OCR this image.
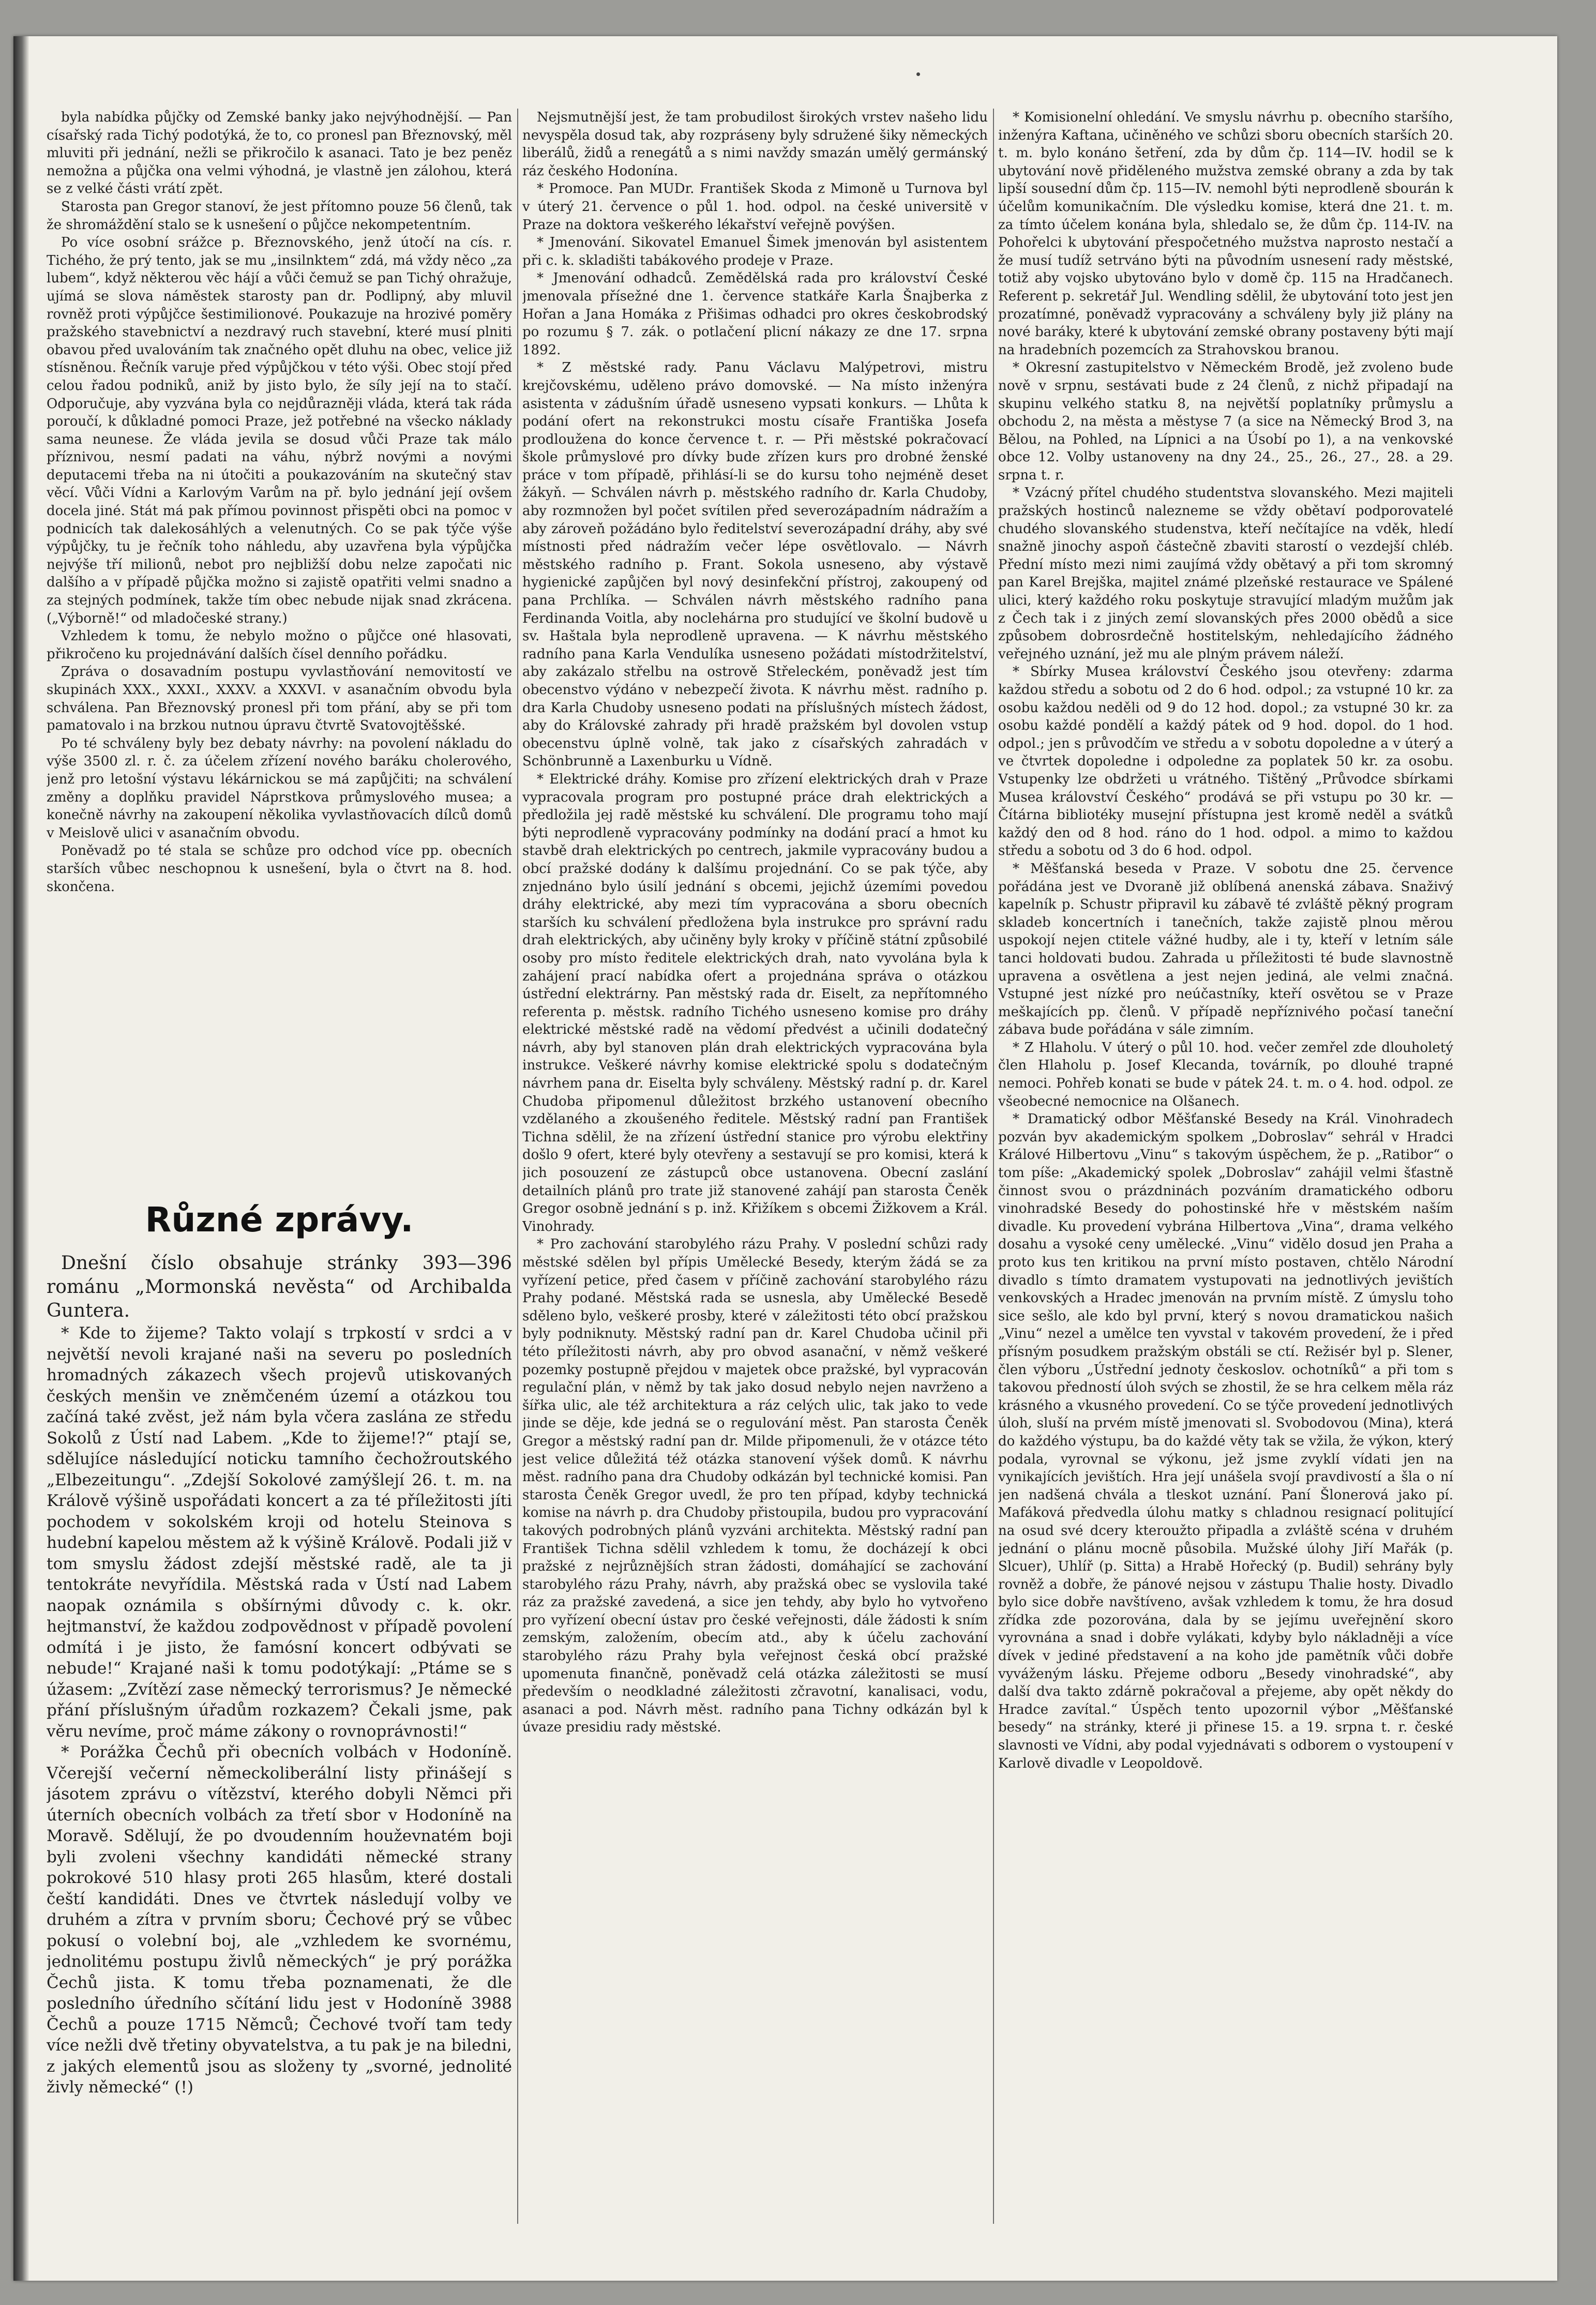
byla nabídka půjčky od Zemské banky jako nejvýhodnější. — Pan císařský rada Tichý podotýká, že to, co pronesl pan Březnovský, měl mluviti při jednání, nežli se přikročilo k asanaci. Tato je bez peněz nemožna a půjčka ona velmi výhodná, je vlastně jen zálohou, která se z velké části vrátí zpět.

Starosta pan Gregor stanoví, že jest přítomno pouze 56 členů, tak že shromáždění stalo se k usnešení o půjčce nekompetentním.

Po více osobní srážce p. Březnovského, jenž útočí na cís. r. Tichého, že prý tento, jak se mu „insilnktem“ zdá, má vždy něco „za lubem“, když některou věc hájí a vůči čemuž se pan Tichý ohražuje, ujímá se slova náměstek starosty pan dr. Podlipný, aby mluvil rovněž proti výpůjčce šestimilionové. Poukazuje na hrozivé poměry pražského stavebnictví a nezdravý ruch stavební, které musí plniti obavou před uvalováním tak značného opět dluhu na obec, velice již stísněnou. Řečník varuje před výpůjčkou v této výši. Obec stojí před celou řadou podniků, aniž by jisto bylo, že síly její na to stačí. Odporučuje, aby vyzvána byla co nejdůrazněji vláda, která tak ráda poroučí, k důkladné pomoci Praze, jež potřebné na všecko náklady sama neunese. Že vláda jevila se dosud vůči Praze tak málo příznivou, nesmí padati na váhu, nýbrž novými a novými deputacemi třeba na ni útočiti a poukazováním na skutečný stav věcí. Vůči Vídni a Karlovým Varům na př. bylo jednání její ovšem docela jiné. Stát má pak přímou povinnost přispěti obci na pomoc v podnicích tak dalekosáhlých a velenutných. Co se pak týče výše výpůjčky, tu je řečník toho náhledu, aby uzavřena byla výpůjčka nejvýše tří milionů, nebot pro nejbližší dobu nelze započati nic dalšího a v případě půjčka možno si zajistě opatřiti velmi snadno a za stejných podmínek, takže tím obec nebude nijak snad zkrácena. („Výborně!“ od mladočeské strany.)

Vzhledem k tomu, že nebylo možno o půjčce oné hlasovati, přikročeno ku projednávání dalších čísel denního pořádku.

Zpráva o dosavadním postupu vyvlastňování nemovitostí ve skupinách XXX., XXXI., XXXV. a XXXVI. v asanačním obvodu byla schválena. Pan Březnovský pronesl při tom přání, aby se při tom pamatovalo i na brzkou nutnou úpravu čtvrtě Svatovojtěšské.

Po té schváleny byly bez debaty návrhy: na povolení nákladu do výše 3500 zl. r. č. za účelem zřízení nového baráku cholerového, jenž pro letošní výstavu lékárnickou se má zapůjčiti; na schválení změny a doplňku pravidel Náprstkova průmyslového musea; a konečně návrhy na zakoupení několika vyvlastňovacích dílců domů v Meislově ulici v asanačním obvodu.

Poněvadž po té stala se schůze pro odchod více pp. obecních starších vůbec neschopnou k usnešení, byla o čtvrt na 8. hod. skončena.

Různé zprávy.

Dnešní číslo obsahuje stránky 393—396 románu „Mormonská nevěsta“ od Archibalda Guntera.

* Kde to žijeme? Takto volají s trpkostí v srdci a v největší nevoli krajané naši na severu po posledních hromadných zákazech všech projevů utiskovaných českých menšin ve zněmčeném území a otázkou tou začíná také zvěst, jež nám byla včera zaslána ze středu Sokolů z Ústí nad Labem. „Kde to žijeme!?“ ptají se, sdělujíce následující noticku tamního čechožroutského „Elbezeitungu“. „Zdejší Sokolové zamýšlejí 26. t. m. na Králově výšině uspořádati koncert a za té příležitosti jíti pochodem v sokolském kroji od hotelu Steinova s hudební kapelou městem až k výšině Králově. Podali již v tom smyslu žádost zdejší městské radě, ale ta ji tentokráte nevyřídila. Městská rada v Ústí nad Labem naopak oznámila s obšírnými důvody c. k. okr. hejtmanství, že každou zodpovědnost v případě povolení odmítá i je jisto, že famósní koncert odbývati se nebude!“ Krajané naši k tomu podotýkají: „Ptáme se s úžasem: „Zvítězí zase německý terrorismus? Je německé přání příslušným úřadům rozkazem? Čekali jsme, pak věru nevíme, proč máme zákony o rovnoprávnosti!“

* Porážka Čechů při obecních volbách v Hodoníně. Včerejší večerní německoliberální listy přinášejí s jásotem zprávu o vítězství, kterého dobyli Němci při úterních obecních volbách za třetí sbor v Hodoníně na Moravě. Sdělují, že po dvoudenním houževnatém boji byli zvoleni všechny kandidáti německé strany pokrokové 510 hlasy proti 265 hlasům, které dostali čeští kandidáti. Dnes ve čtvrtek následují volby ve druhém a zítra v prvním sboru; Čechové prý se vůbec pokusí o volební boj, ale „vzhledem ke svornému, jednolitému postupu živlů německých“ je prý porážka Čechů jista. K tomu třeba poznamenati, že dle posledního úředního sčítání lidu jest v Hodoníně 3988 Čechů a pouze 1715 Němců; Čechové tvoří tam tedy více nežli dvě třetiny obyvatelstva, a tu pak je na biledni, z jakých elementů jsou as složeny ty „svorné, jednolité živly německé“ (!)

Nejsmutnější jest, že tam probudilost širokých vrstev našeho lidu nevyspěla dosud tak, aby rozpráseny byly sdružené šiky německých liberálů, židů a renegátů a s nimi navždy smazán umělý germánský ráz českého Hodonína.

* Promoce. Pan MUDr. František Skoda z Mimoně u Turnova byl v úterý 21. července o půl 1. hod. odpol. na české universitě v Praze na doktora veškerého lékařství veřejně povýšen.

* Jmenování. Sikovatel Emanuel Šimek jmenován byl asistentem při c. k. skladišti tabákového prodeje v Praze.

* Jmenování odhadců. Zemědělská rada pro království České jmenovala přísežné dne 1. července statkáře Karla Šnajberka z Hořan a Jana Homáka z Přišimas odhadci pro okres českobrodský po rozumu § 7. zák. o potlačení plicní nákazy ze dne 17. srpna 1892.

* Z městské rady. Panu Václavu Malýpetrovi, mistru krejčovskému, uděleno právo domovské. — Na místo inženýra asistenta v zádušním úřadě usneseno vypsati konkurs. — Lhůta k podání ofert na rekonstrukci mostu císaře Františka Josefa prodloužena do konce července t. r. — Při městské pokračovací škole průmyslové pro dívky bude zřízen kurs pro drobné ženské práce v tom případě, přihlásí-li se do kursu toho nejméně deset žákyň. — Schválen návrh p. městského radního dr. Karla Chudoby, aby rozmnožen byl počet svítilen před severozápadním nádražím a aby zároveň požádáno bylo ředitelství severozápadní dráhy, aby své místnosti před nádražím večer lépe osvětlovalo. — Návrh městského radního p. Frant. Sokola usneseno, aby výstavě hygienické zapůjčen byl nový desinfekční přístroj, zakoupený od pana Prchlíka. — Schválen návrh městského radního pana Ferdinanda Voitla, aby noclehárna pro studující ve školní budově u sv. Haštala byla neprodleně upravena. — K návrhu městského radního pana Karla Vendulíka usneseno požádati místodržitelství, aby zakázalo střelbu na ostrově Střeleckém, poněvadž jest tím obecenstvo výdáno v nebezpečí života. K návrhu měst. radního p. dra Karla Chudoby usneseno podati na příslušných místech žádost, aby do Královské zahrady při hradě pražském byl dovolen vstup obecenstvu úplně volně, tak jako z císařských zahradách v Schönbrunně a Laxenburku u Vídně.

* Elektrické dráhy. Komise pro zřízení elektrických drah v Praze vypracovala program pro postupné práce drah elektrických a předložila jej radě městské ku schválení. Dle programu toho mají býti neprodleně vypracovány podmínky na dodání prací a hmot ku stavbě drah elektrických po centrech, jakmile vypracovány budou a obcí pražské dodány k dalšímu projednání. Co se pak týče, aby znjednáno bylo úsilí jednání s obcemi, jejichž územími povedou dráhy elektrické, aby mezi tím vypracována a sboru obecních starších ku schválení předložena byla instrukce pro správní radu drah elektrických, aby učiněny byly kroky v příčině státní způsobilé osoby pro místo ředitele elektrických drah, nato vyvolána byla k zahájení prací nabídka ofert a projednána správa o otázkou ústřední elektrárny. Pan městský rada dr. Eiselt, za nepřítomného referenta p. městsk. radního Tichého usneseno komise pro dráhy elektrické městské radě na vědomí předvést a učinili dodatečný návrh, aby byl stanoven plán drah elektrických vypracována byla instrukce. Veškeré návrhy komise elektrické spolu s dodatečným návrhem pana dr. Eiselta byly schváleny. Městský radní p. dr. Karel Chudoba připomenul důležitost brzkého ustanovení obecního vzdělaného a zkoušeného ředitele. Městský radní pan František Tichna sdělil, že na zřízení ústřední stanice pro výrobu elektřiny došlo 9 ofert, které byly otevřeny a sestavují se pro komisi, která k jich posouzení ze zástupců obce ustanovena. Obecní zaslání detailních plánů pro trate již stanovené zahájí pan starosta Čeněk Gregor osobně jednání s p. inž. Křižíkem s obcemi Žižkovem a Král. Vinohrady.

* Pro zachování starobylého rázu Prahy. V poslední schůzi rady městské sdělen byl přípis Umělecké Besedy, kterým žádá se za vyřízení petice, před časem v příčině zachování starobylého rázu Prahy podané. Městská rada se usnesla, aby Umělecké Besedě sděleno bylo, veškeré prosby, které v záležitosti této obcí pražskou byly podniknuty. Městský radní pan dr. Karel Chudoba učinil při této příležitosti návrh, aby pro obvod asanační, v němž veškeré pozemky postupně přejdou v majetek obce pražské, byl vypracován regulační plán, v němž by tak jako dosud nebylo nejen navrženo a šířka ulic, ale též architektura a ráz celých ulic, tak jako to vede jinde se děje, kde jedná se o regulování měst. Pan starosta Čeněk Gregor a městský radní pan dr. Milde připomenuli, že v otázce této jest velice důležitá též otázka stanovení výšek domů. K návrhu měst. radního pana dra Chudoby odkázán byl technické komisi. Pan starosta Čeněk Gregor uvedl, že pro ten případ, kdyby technická komise na návrh p. dra Chudoby přistoupila, budou pro vypracování takových podrobných plánů vyzváni architekta. Městský radní pan František Tichna sdělil vzhledem k tomu, že docházejí k obci pražské z nejrůznějších stran žádosti, domáhající se zachování starobylého rázu Prahy, návrh, aby pražská obec se vyslovila také ráz za pražské zavedená, a sice jen tehdy, aby bylo ho vytvořeno pro vyřízení obecní ústav pro české veřejnosti, dále žádosti k sním zemským, založením, obecím atd., aby k účelu zachování starobylého rázu Prahy byla veřejnost česká obcí pražské upomenuta finančně, poněvadž celá otázka záležitosti se musí především o neodkladné záležitosti zčravotní, kanalisaci, vodu, asanaci a pod. Návrh měst. radního pana Tichny odkázán byl k úvaze presidiu rady městské.

* Komisionelní ohledání. Ve smyslu návrhu p. obecního staršího, inženýra Kaftana, učiněného ve schůzi sboru obecních starších 20. t. m. bylo konáno šetření, zda by dům čp. 114—IV. hodil se k ubytování nově přiděleného mužstva zemské obrany a zda by tak lipší sousední dům čp. 115—IV. nemohl býti neprodleně sbourán k účelům komunikačním. Dle výsledku komise, která dne 21. t. m. za tímto účelem konána byla, shledalo se, že dům čp. 114-IV. na Pohořelci k ubytování přespočetného mužstva naprosto nestačí a že musí tudíž setrváno býti na původním usnesení rady městské, totiž aby vojsko ubytováno bylo v domě čp. 115 na Hradčanech. Referent p. sekretář Jul. Wendling sdělil, že ubytování toto jest jen prozatímné, poněvadž vypracovány a schváleny byly již plány na nové baráky, které k ubytování zemské obrany postaveny býti mají na hradebních pozemcích za Strahovskou branou.

* Okresní zastupitelstvo v Německém Brodě, jež zvoleno bude nově v srpnu, sestávati bude z 24 členů, z nichž připadají na skupinu velkého statku 8, na největší poplatníky průmyslu a obchodu 2, na města a městyse 7 (a sice na Německý Brod 3, na Bělou, na Pohled, na Lípnici a na Úsobí po 1), a na venkovské obce 12. Volby ustanoveny na dny 24., 25., 26., 27., 28. a 29. srpna t. r.

* Vzácný přítel chudého studentstva slovanského. Mezi majiteli pražských hostinců nalezneme se vždy obětaví podporovatelé chudého slovanského studenstva, kteří nečítajíce na vděk, hledí snažně jinochy aspoň částečně zbaviti starostí o vezdejší chléb. Přední místo mezi nimi zaujímá vždy obětavý a při tom skromný pan Karel Brejška, majitel známé plzeňské restaurace ve Spálené ulici, který každého roku poskytuje stravující mladým mužům jak z Čech tak i z jiných zemí slovanských přes 2000 obědů a sice způsobem dobrosrdečně hostitelským, nehledajícího žádného veřejného uznání, jež mu ale plným právem náleží.

* Sbírky Musea království Českého jsou otevřeny: zdarma každou středu a sobotu od 2 do 6 hod. odpol.; za vstupné 10 kr. za osobu každou neděli od 9 do 12 hod. dopol.; za vstupné 30 kr. za osobu každé pondělí a každý pátek od 9 hod. dopol. do 1 hod. odpol.; jen s průvodčím ve středu a v sobotu dopoledne a v úterý a ve čtvrtek dopoledne i odpoledne za poplatek 50 kr. za osobu. Vstupenky lze obdržeti u vrátného. Tištěný „Průvodce sbírkami Musea království Českého“ prodává se při vstupu po 30 kr. — Čítárna bibliotéky musejní přístupna jest kromě neděl a svátků každý den od 8 hod. ráno do 1 hod. odpol. a mimo to každou středu a sobotu od 3 do 6 hod. odpol.

* Měšťanská beseda v Praze. V sobotu dne 25. července pořádána jest ve Dvoraně již oblíbená anenská zábava. Snaživý kapelník p. Schustr připravil ku zábavě té zvláště pěkný program skladeb koncertních i tanečních, takže zajistě plnou měrou uspokojí nejen ctitele vážné hudby, ale i ty, kteří v letním sále tanci holdovati budou. Zahrada u příležitosti té bude slavnostně upravena a osvětlena a jest nejen jediná, ale velmi značná. Vstupné jest nízké pro neúčastníky, kteří osvětou se v Praze meškajících pp. členů. V případě nepříznivého počasí taneční zábava bude pořádána v sále zimním.

* Z Hlaholu. V úterý o půl 10. hod. večer zemřel zde dlouholetý člen Hlaholu p. Josef Klecanda, továrník, po dlouhé trapné nemoci. Pohřeb konati se bude v pátek 24. t. m. o 4. hod. odpol. ze všeobecné nemocnice na Olšanech.

* Dramatický odbor Měšťanské Besedy na Král. Vinohradech pozván byv akademickým spolkem „Dobroslav“ sehrál v Hradci Králové Hilbertovu „Vinu“ s takovým úspěchem, že p. „Ratibor“ o tom píše: „Akademický spolek „Dobroslav“ zahájil velmi šťastně činnost svou o prázdninách pozváním dramatického odboru vinohradské Besedy do pohostinské hře v městském naším divadle. Ku provedení vybrána Hilbertova „Vina“, drama velkého dosahu a vysoké ceny umělecké. „Vinu“ vidělo dosud jen Praha a proto kus ten kritikou na první místo postaven, chtělo Národní divadlo s tímto dramatem vystupovati na jednotlivých jevištích venkovských a Hradec jmenován na prvním místě. Z úmyslu toho sice sešlo, ale kdo byl první, který s novou dramatickou našich „Vinu“ nezel a umělce ten vyvstal v takovém provedení, že i před přísným posudkem pražským obstáli se ctí. Režisér byl p. Slener, člen výboru „Ústřední jednoty českoslov. ochotníků“ a při tom s takovou předností úloh svých se zhostil, že se hra celkem měla ráz krásného a vkusného provedení. Co se týče provedení jednotlivých úloh, sluší na prvém místě jmenovati sl. Svobodovou (Mina), která do každého výstupu, ba do každé věty tak se vžila, že výkon, který podala, vyrovnal se výkonu, jež jsme zvyklí vídati jen na vynikajících jevištích. Hra její unášela svojí pravdivostí a šla o ní jen nadšená chvála a tleskot uznání. Paní Šlonerová jako pí. Mafáková předvedla úlohu matky s chladnou resignací politující na osud své dcery kteroužto připadla a zvláště scéna v druhém jednání o plánu mocně působila. Mužské úlohy Jiří Mařák (p. Slcuer), Uhlíř (p. Sitta) a Hrabě Hořecký (p. Budil) sehrány byly rovněž a dobře, že pánové nejsou v zástupu Thalie hosty. Divadlo bylo sice dobře navštíveno, avšak vzhledem k tomu, že hra dosud zřídka zde pozorována, dala by se jejímu uveřejnění skoro vyrovnána a snad i dobře vylákati, kdyby bylo nákladněji a více dívek v jediné představení a na koho jde pamětník vůči dobře vyváženým lásku. Přejeme odboru „Besedy vinohradské“, aby další dva takto zdárně pokračoval a přejeme, aby opět někdy do Hradce zavítal.“ Úspěch tento upozornil výbor „Měšťanské besedy“ na stránky, které ji přinese 15. a 19. srpna t. r. české slavnosti ve Vídni, aby podal vyjednávati s odborem o vystoupení v Karlově divadle v Leopoldově.
